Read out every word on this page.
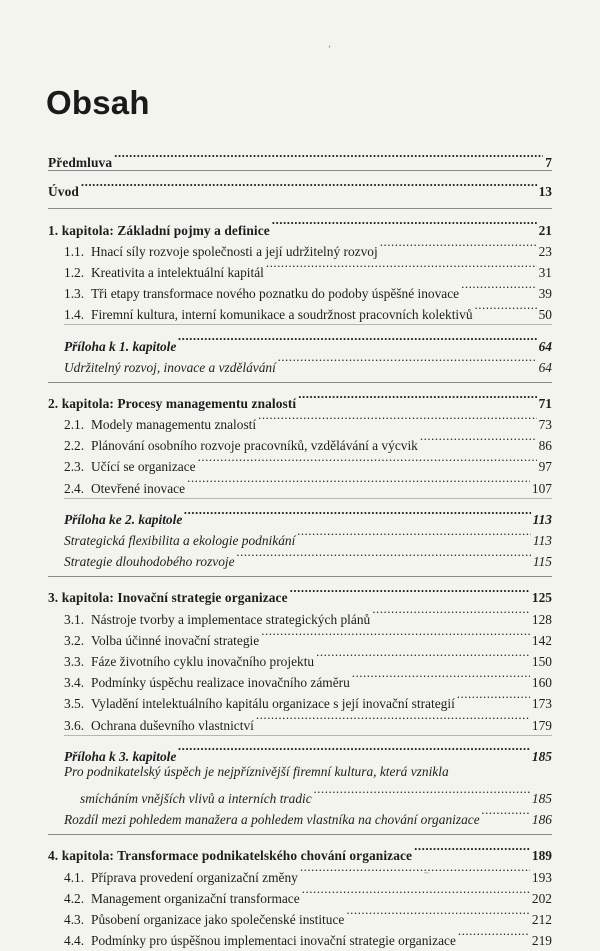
’
Obsah
Předmluva .....	7
Úvod .....	13
1. kapitola: Základní pojmy a definice .....	21
1.1. Hnací síly rozvoje společnosti a její udržitelný rozvoj .....	23
1.2. Kreativita a intelektuální kapitál .....	31
1.3. Tři etapy transformace nového poznatku do podoby úspěšné inovace .....	39
1.4. Firemní kultura, interní komunikace a soudržnost pracovních kolektivů .....	50
Příloha k 1. kapitole .....	64
Udržitelný rozvoj, inovace a vzdělávání .....	64
2. kapitola: Procesy managementu znalostí .....	71
2.1. Modely managementu znalostí .....	73
2.2. Plánování osobního rozvoje pracovníků, vzdělávání a výcvik .....	86
2.3. Učící se organizace .....	97
2.4. Otevřené inovace .....	107
Příloha ke 2. kapitole .....	113
Strategická flexibilita a ekologie podnikání .....	113
Strategie dlouhodobého rozvoje .....	115
3. kapitola: Inovační strategie organizace .....	125
3.1. Nástroje tvorby a implementace strategických plánů .....	128
3.2. Volba účinné inovační strategie .....	142
3.3. Fáze životního cyklu inovačního projektu .....	150
3.4. Podmínky úspěchu realizace inovačního záměru .....	160
3.5. Vyladění intelektuálního kapitálu organizace s její inovační strategií .....	173
3.6. Ochrana duševního vlastnictví .....	179
Příloha k 3. kapitole .....	185
Pro podnikatelský úspěch je nejpříznivější firemní kultura, která vznikla
smícháním vnějších vlivů a interních tradic .....	185
Rozdíl mezi pohledem manažera a pohledem vlastníka na chování organizace .....	186
4. kapitola: Transformace podnikatelského chování organizace .....	189
4.1. Příprava provedení organizační změny .....	193
4.2. Management organizační transformace .....	202
4.3. Působení organizace jako společenské instituce .....	212
4.4. Podmínky pro úspěšnou implementaci inovační strategie organizace .....	219
~
